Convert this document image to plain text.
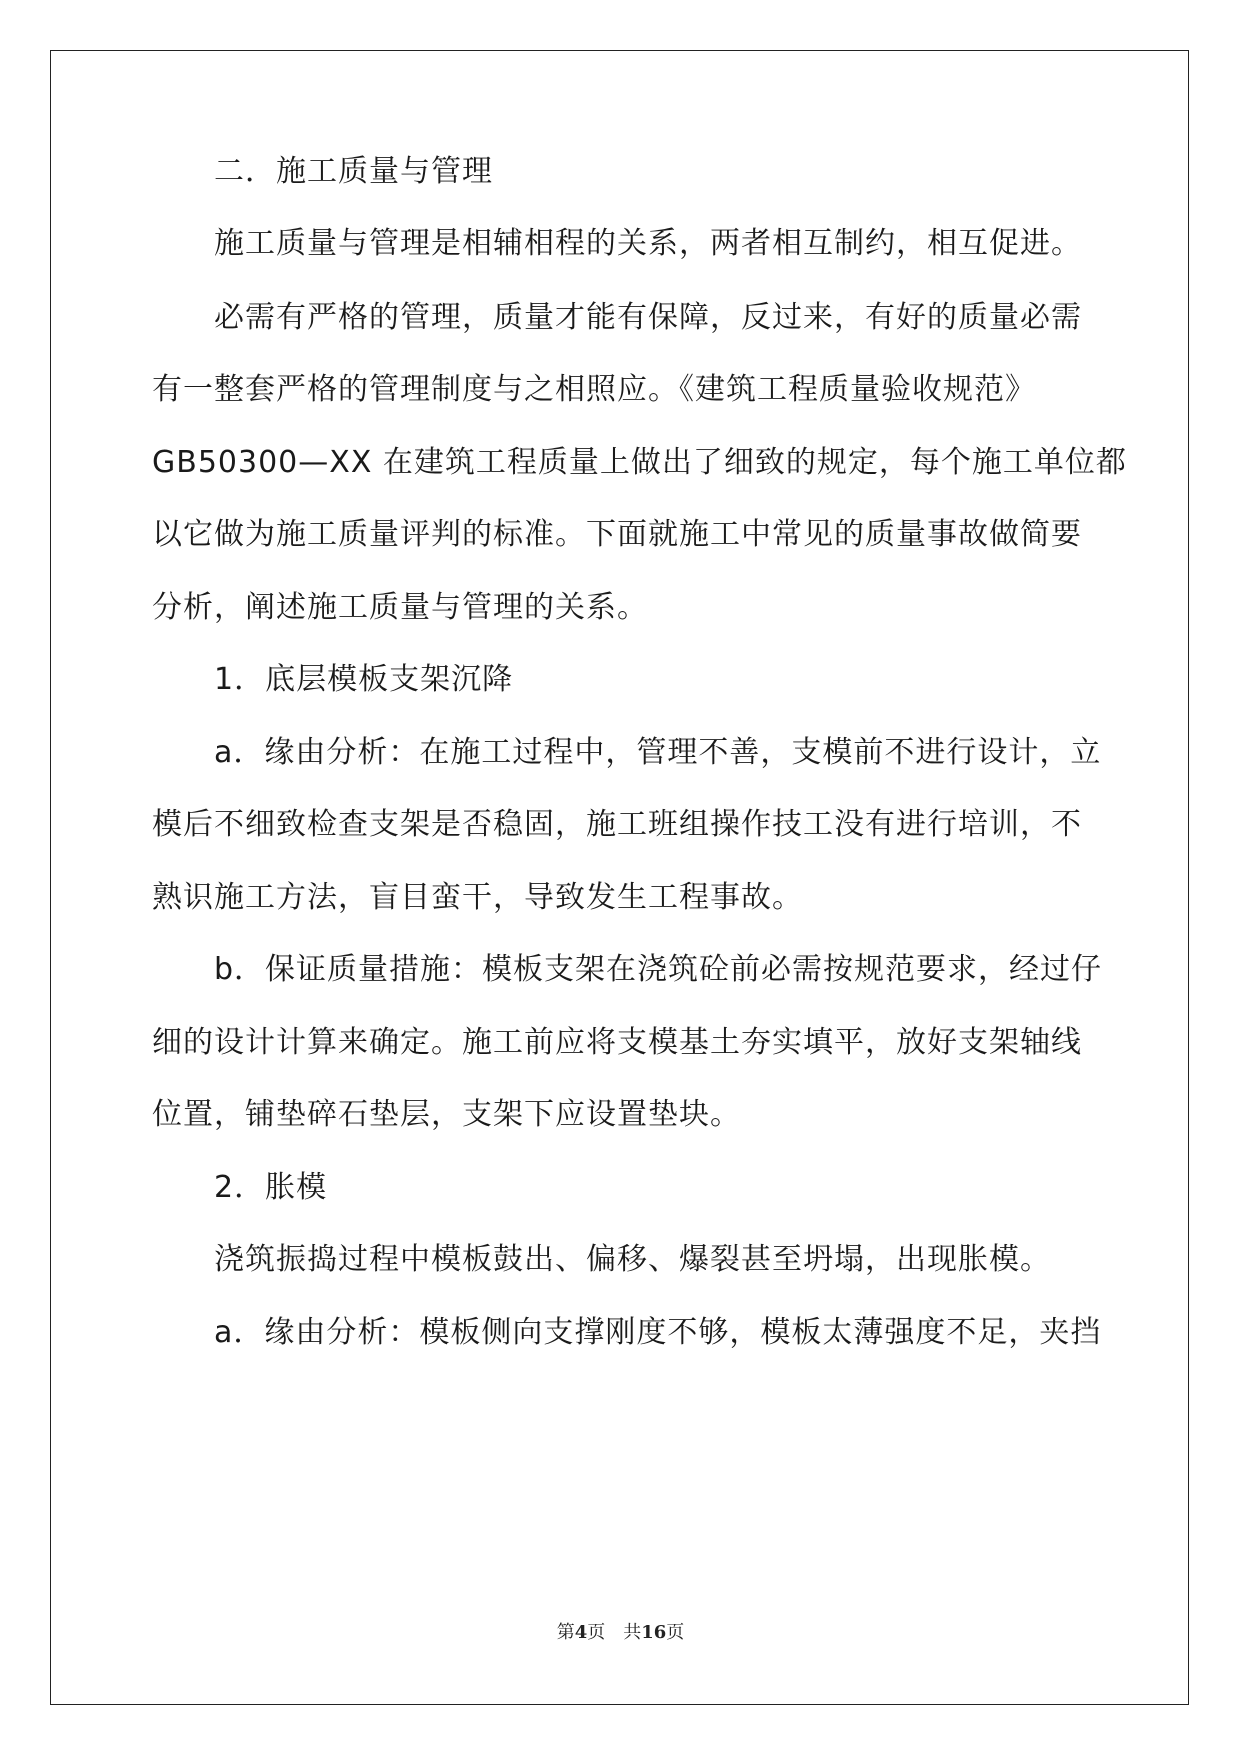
二．施工质量与管理
施工质量与管理是相辅相程的关系，两者相互制约，相互促进。
必需有严格的管理，质量才能有保障，反过来，有好的质量必需
有一整套严格的管理制度与之相照应。《建筑工程质量验收规范》
GB50300—XX 在建筑工程质量上做出了细致的规定，每个施工单位都
以它做为施工质量评判的标准。下面就施工中常见的质量事故做简要
分析，阐述施工质量与管理的关系。
1．底层模板支架沉降
a．缘由分析：在施工过程中，管理不善，支模前不进行设计，立
模后不细致检查支架是否稳固，施工班组操作技工没有进行培训，不
熟识施工方法，盲目蛮干，导致发生工程事故。
b．保证质量措施：模板支架在浇筑砼前必需按规范要求，经过仔
细的设计计算来确定。施工前应将支模基土夯实填平，放好支架轴线
位置，铺垫碎石垫层，支架下应设置垫块。
2．胀模
浇筑振捣过程中模板鼓出、偏移、爆裂甚至坍塌，出现胀模。
a．缘由分析：模板侧向支撑刚度不够，模板太薄强度不足，夹挡
第4页 共16页
